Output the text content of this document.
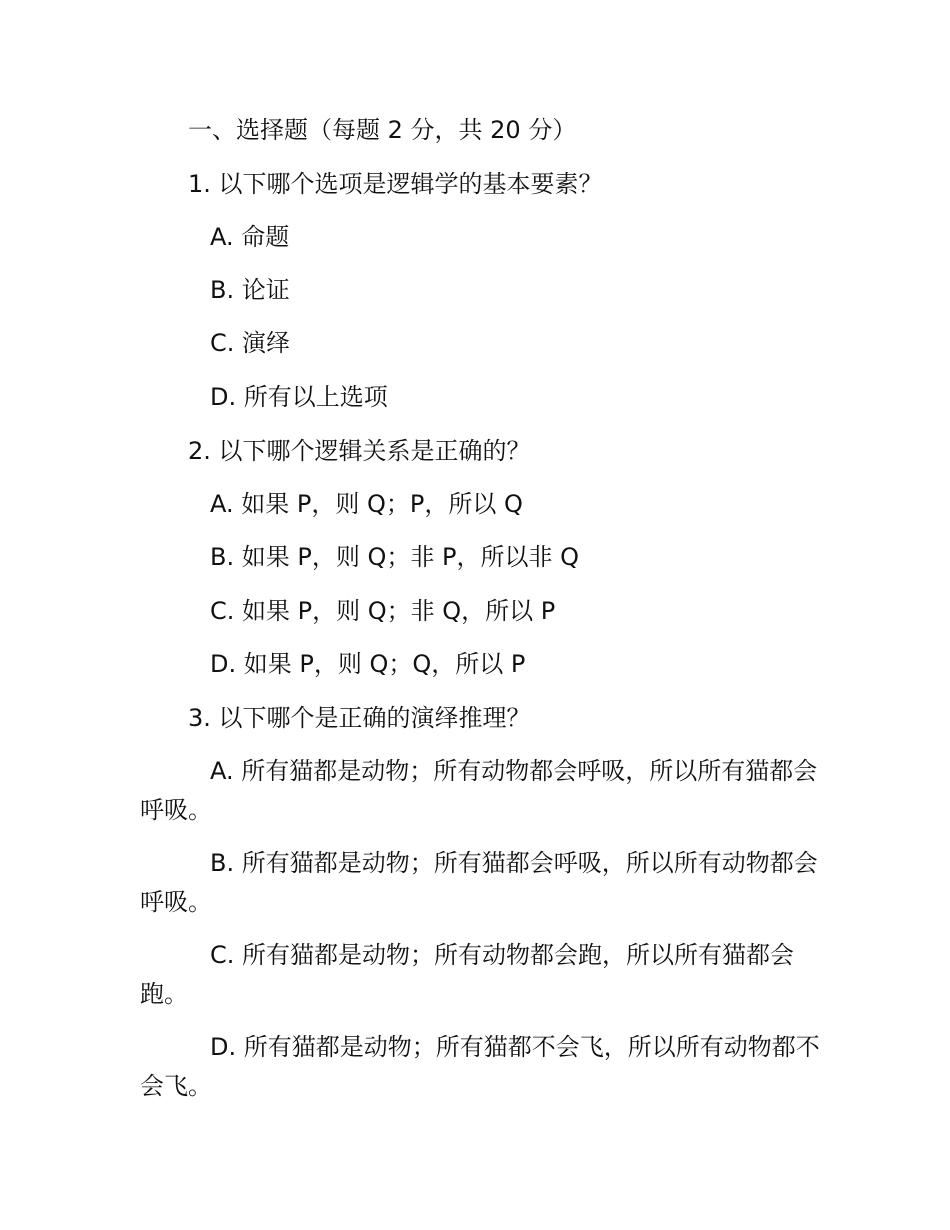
一、选择题（每题 2 分，共 20 分）
1. 以下哪个选项是逻辑学的基本要素？
A. 命题
B. 论证
C. 演绎
D. 所有以上选项
2. 以下哪个逻辑关系是正确的？
A. 如果 P，则 Q；P，所以 Q
B. 如果 P，则 Q；非 P，所以非 Q
C. 如果 P，则 Q；非 Q，所以 P
D. 如果 P，则 Q；Q，所以 P
3. 以下哪个是正确的演绎推理？
A. 所有猫都是动物；所有动物都会呼吸，所以所有猫都会呼吸。
B. 所有猫都是动物；所有猫都会呼吸，所以所有动物都会呼吸。
C. 所有猫都是动物；所有动物都会跑，所以所有猫都会跑。
D. 所有猫都是动物；所有猫都不会飞，所以所有动物都不会飞。
